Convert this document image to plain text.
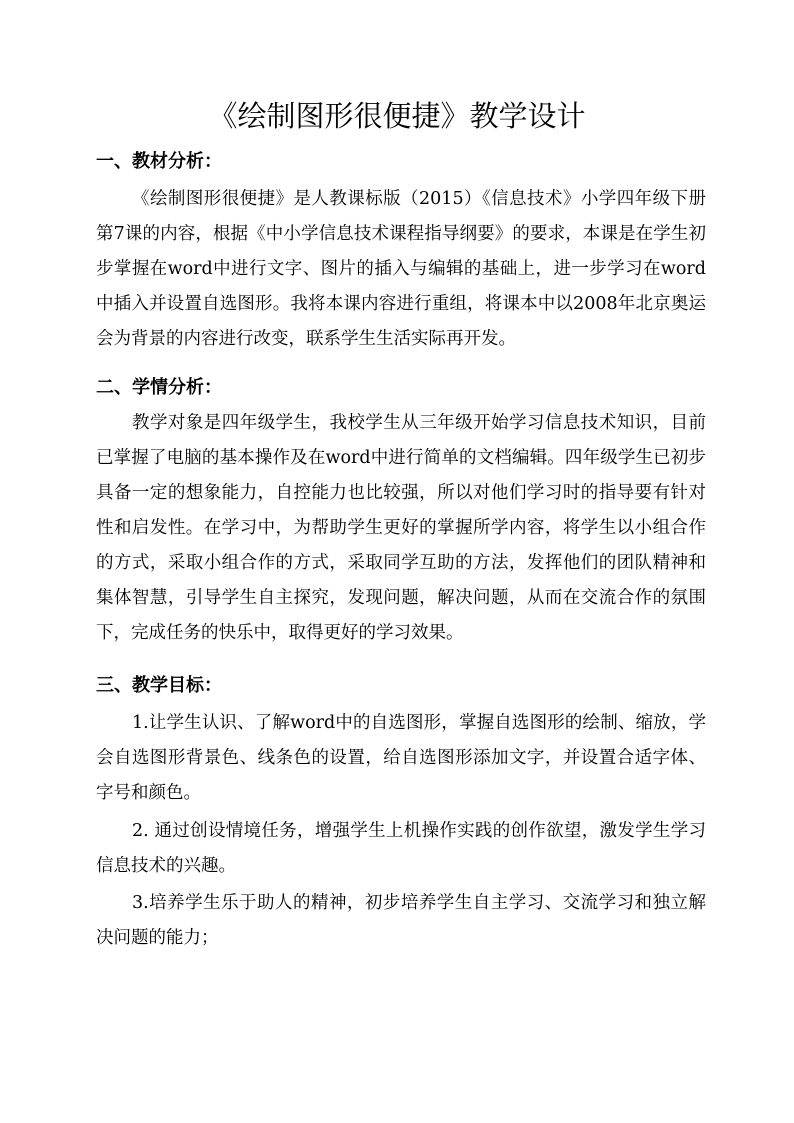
《绘制图形很便捷》教学设计
一、教材分析：

《绘制图形很便捷》是人教课标版（2015）《信息技术》小学四年级下册第7课的内容，根据《中小学信息技术课程指导纲要》的要求，本课是在学生初步掌握在word中进行文字、图片的插入与编辑的基础上，进一步学习在word中插入并设置自选图形。我将本课内容进行重组，将课本中以2008年北京奥运会为背景的内容进行改变，联系学生生活实际再开发。

二、学情分析：

教学对象是四年级学生，我校学生从三年级开始学习信息技术知识，目前已掌握了电脑的基本操作及在word中进行简单的文档编辑。四年级学生已初步具备一定的想象能力，自控能力也比较强，所以对他们学习时的指导要有针对性和启发性。在学习中，为帮助学生更好的掌握所学内容，将学生以小组合作的方式，采取小组合作的方式，采取同学互助的方法，发挥他们的团队精神和集体智慧，引导学生自主探究，发现问题，解决问题，从而在交流合作的氛围下，完成任务的快乐中，取得更好的学习效果。

三、教学目标：

1.让学生认识、了解word中的自选图形，掌握自选图形的绘制、缩放，学会自选图形背景色、线条色的设置，给自选图形添加文字，并设置合适字体、字号和颜色。

2. 通过创设情境任务，增强学生上机操作实践的创作欲望，激发学生学习信息技术的兴趣。

3.培养学生乐于助人的精神，初步培养学生自主学习、交流学习和独立解决问题的能力；
